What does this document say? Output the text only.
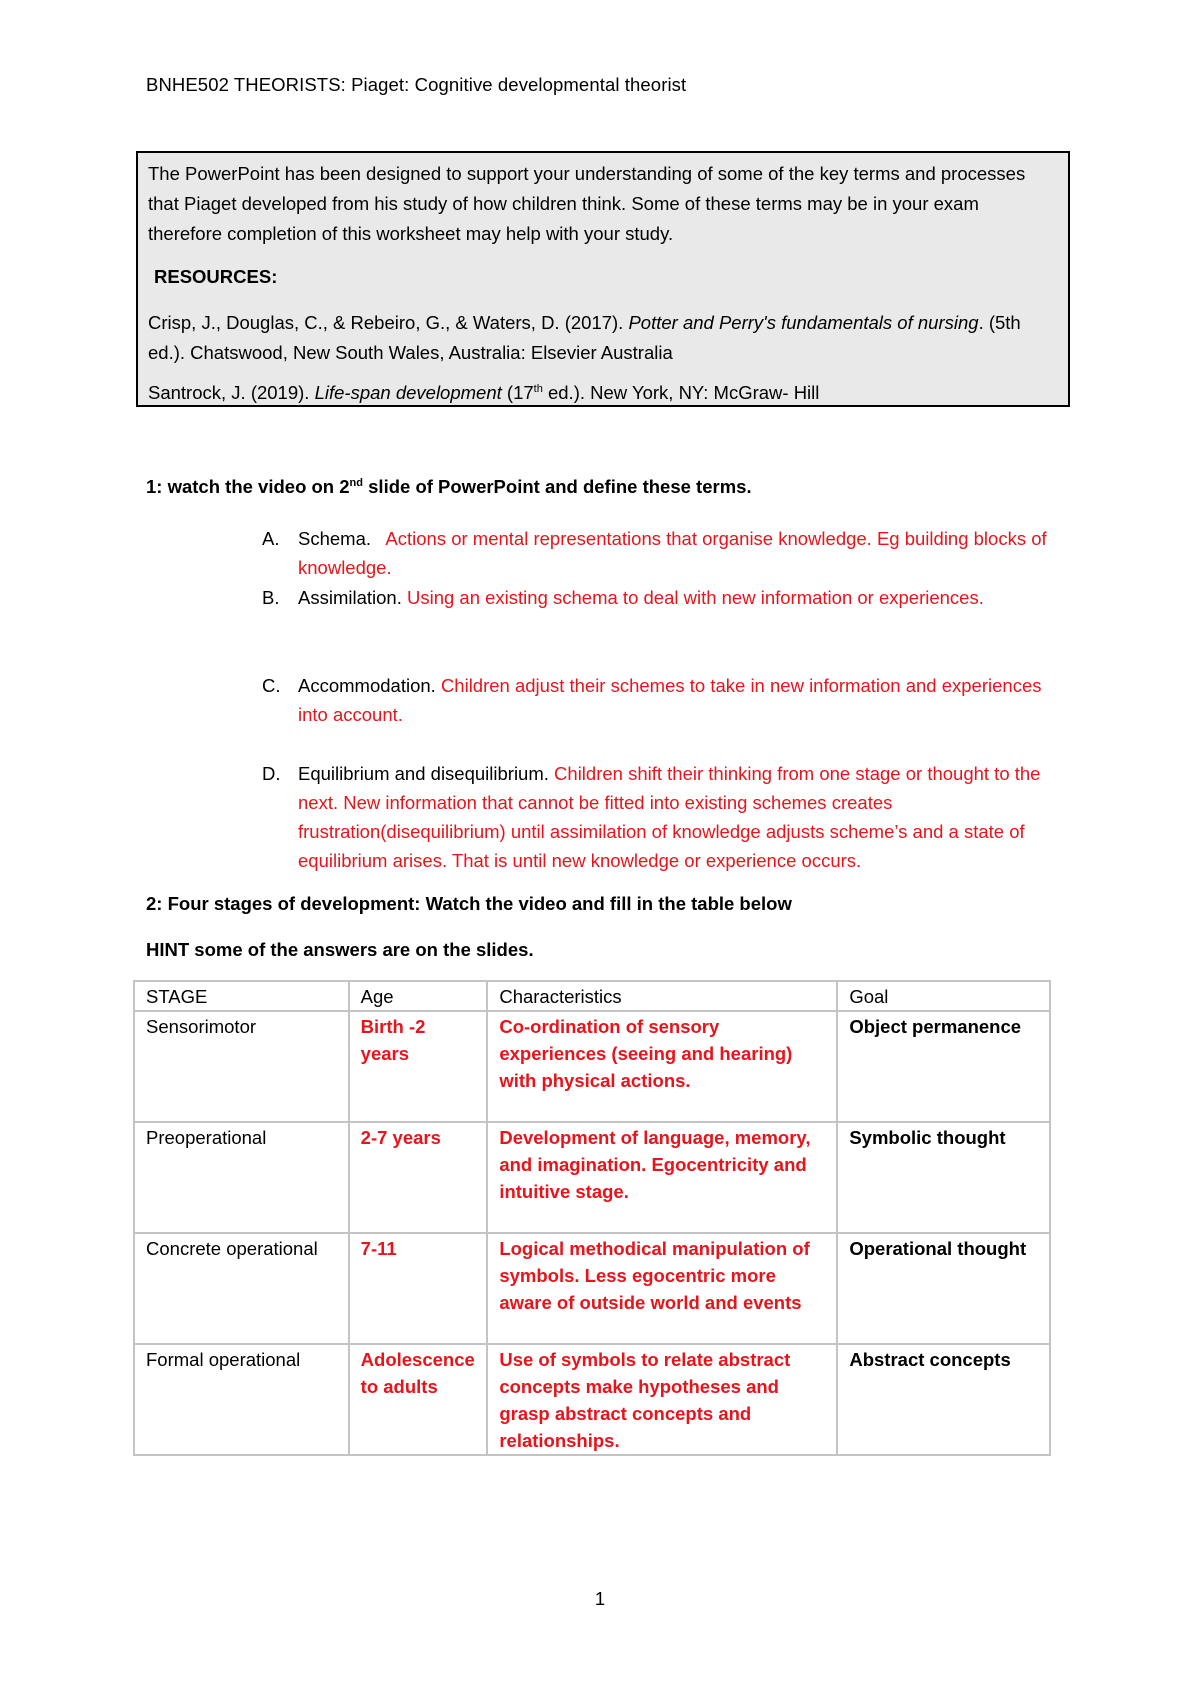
BNHE502 THEORISTS: Piaget: Cognitive developmental theorist

The PowerPoint has been designed to support your understanding of some of the key terms and processes that Piaget developed from his study of how children think. Some of these terms may be in your exam therefore completion of this worksheet may help with your study.

RESOURCES:

Crisp, J., Douglas, C., & Rebeiro, G., & Waters, D. (2017). Potter and Perry's fundamentals of nursing. (5th ed.). Chatswood, New South Wales, Australia: Elsevier Australia

Santrock, J. (2019). Life-span development (17th ed.). New York, NY: McGraw- Hill

1: watch the video on 2nd slide of PowerPoint and define these terms.
A. Schema.   Actions or mental representations that organise knowledge. Eg building blocks of knowledge.
B. Assimilation. Using an existing schema to deal with new information or experiences.
C. Accommodation. Children adjust their schemes to take in new information and experiences into account.
D. Equilibrium and disequilibrium. Children shift their thinking from one stage or thought to the next. New information that cannot be fitted into existing schemes creates frustration(disequilibrium) until assimilation of knowledge adjusts scheme’s and a state of equilibrium arises. That is until new knowledge or experience occurs.
2: Four stages of development: Watch the video and fill in the table below
HINT some of the answers are on the slides.
STAGE	Age	Characteristics	Goal
Sensorimotor	Birth -2 years	Co-ordination of sensory experiences (seeing and hearing) with physical actions.	Object permanence
Preoperational	2-7 years	Development of language, memory, and imagination. Egocentricity and intuitive stage.	Symbolic thought
Concrete operational	7-11	Logical methodical manipulation of symbols. Less egocentric more aware of outside world and events	Operational thought
Formal operational	Adolescence to adults	Use of symbols to relate abstract concepts make hypotheses and grasp abstract concepts and relationships.	Abstract concepts
1
